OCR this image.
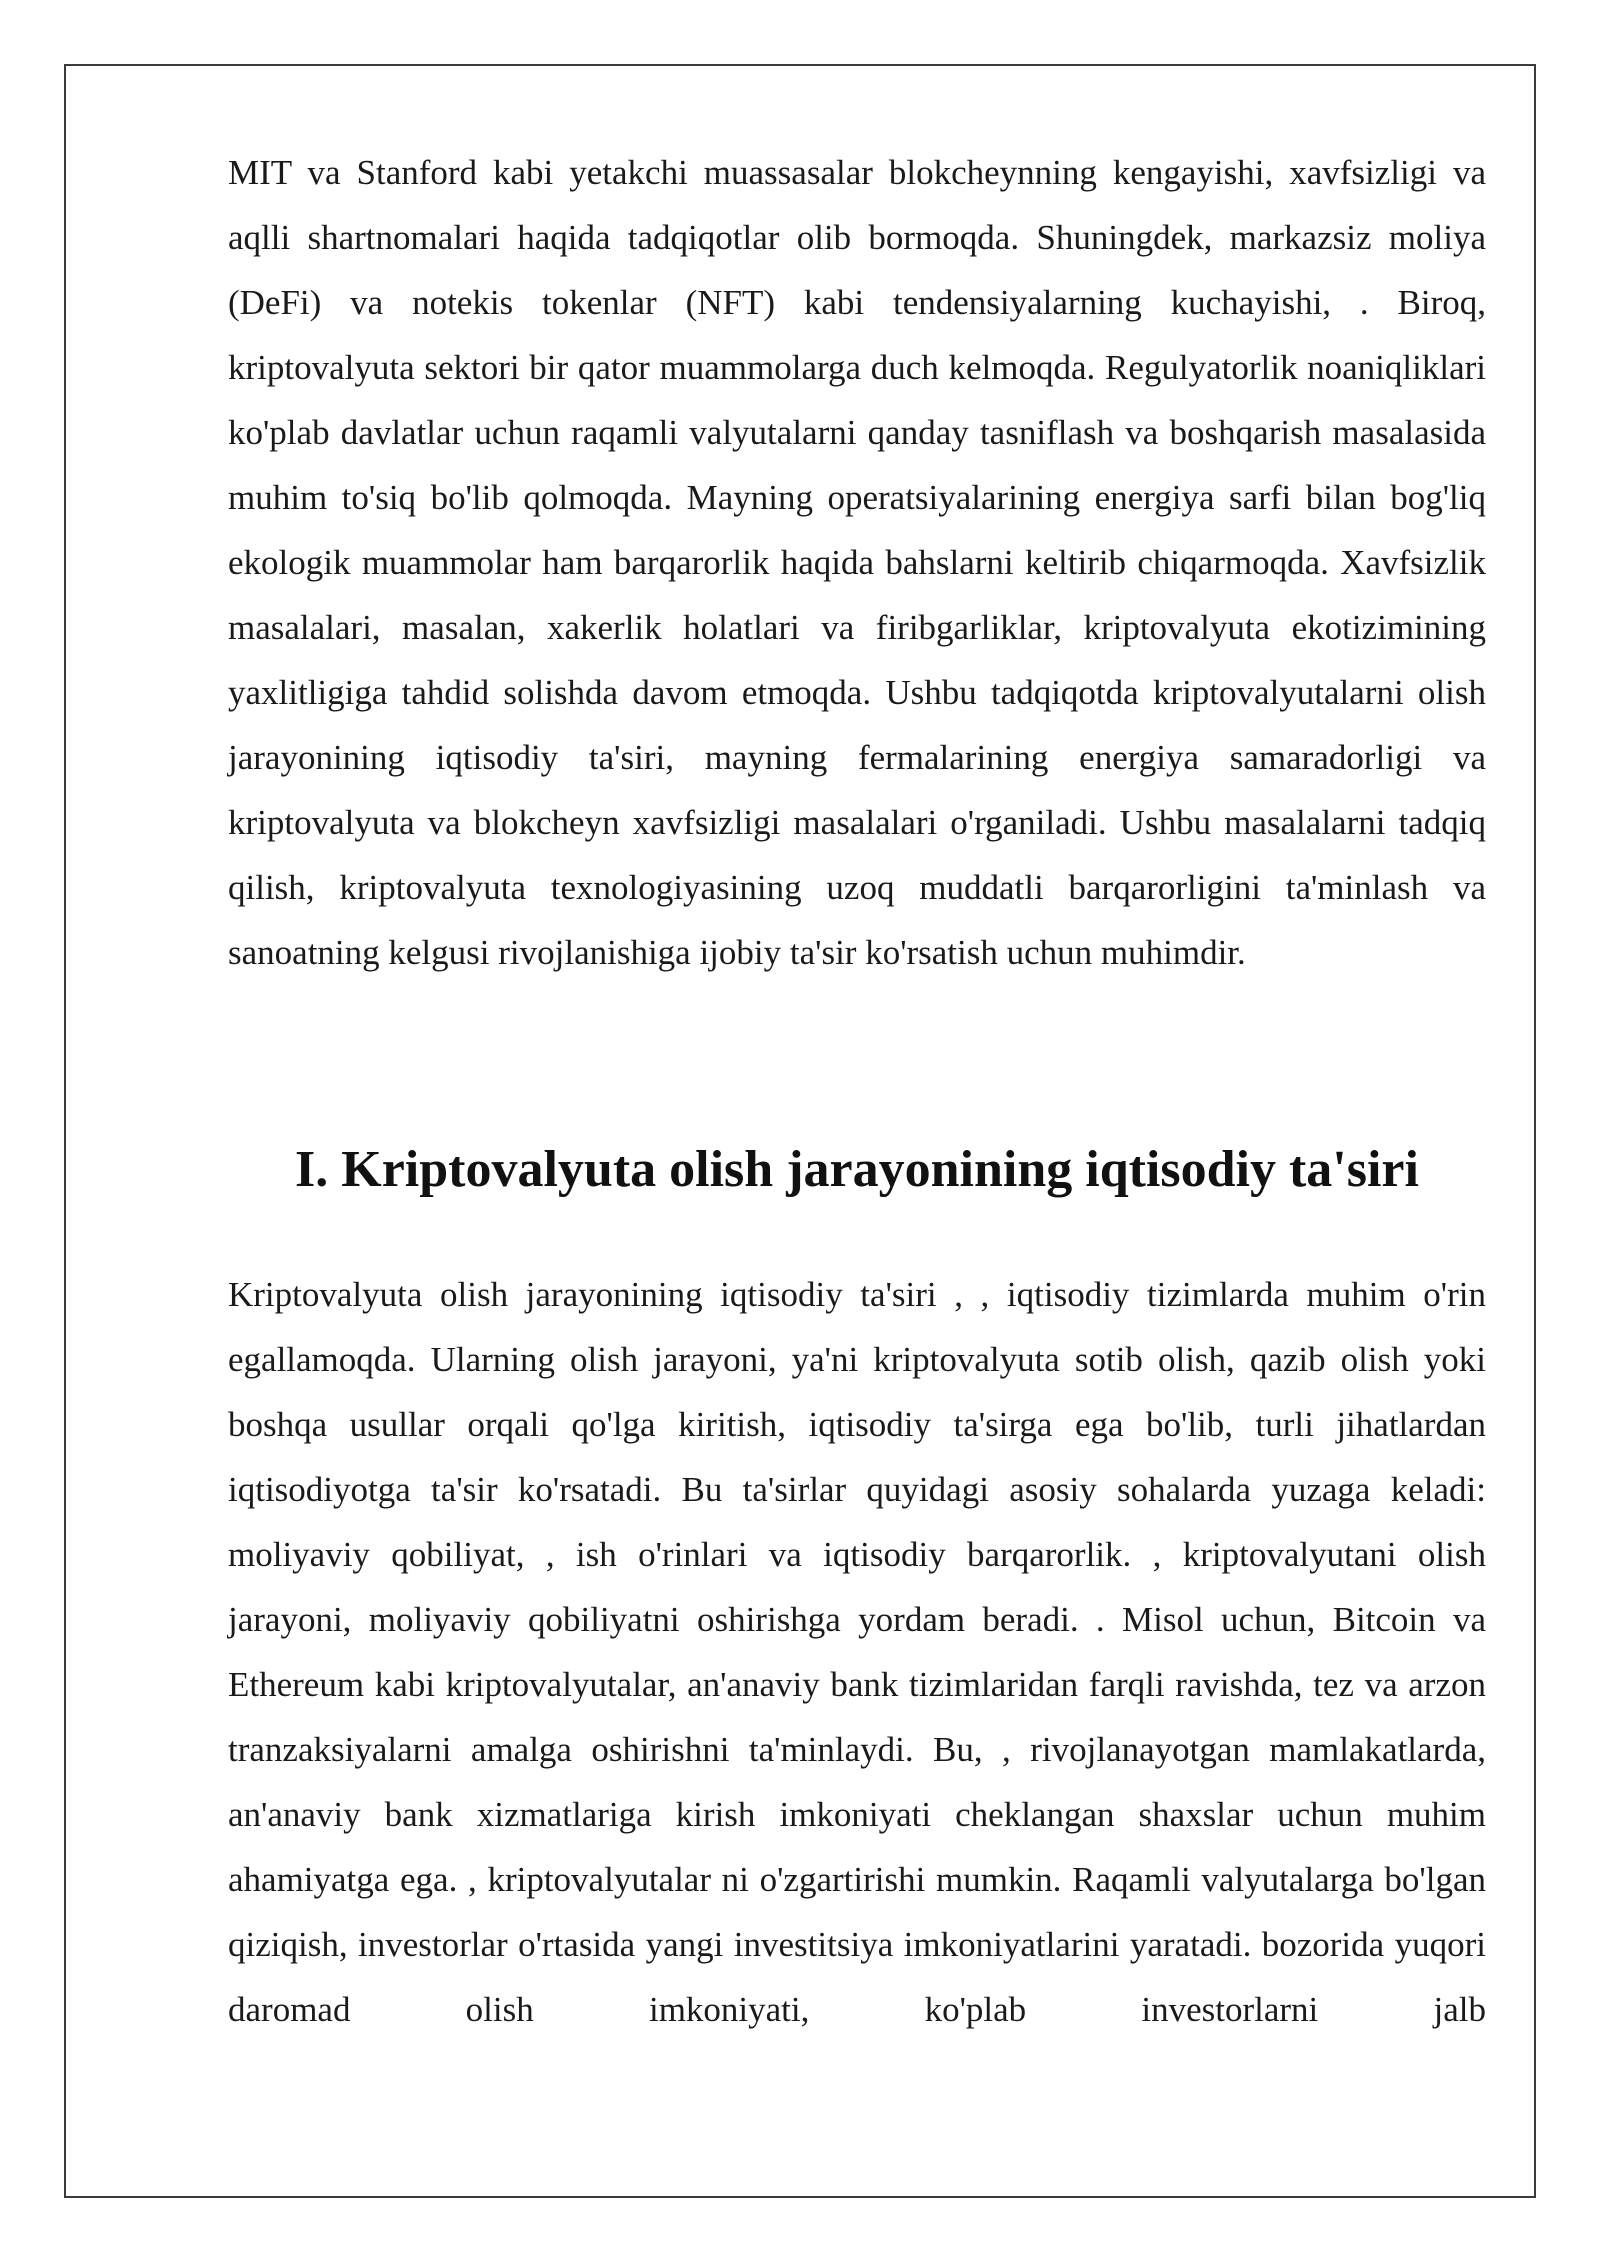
MIT va Stanford kabi yetakchi muassasalar blokcheynning kengayishi, xavfsizligi va aqlli shartnomalari haqida tadqiqotlar olib bormoqda. Shuningdek, markazsiz moliya (DeFi) va notekis tokenlar (NFT) kabi tendensiyalarning kuchayishi, . Biroq, kriptovalyuta sektori bir qator muammolarga duch kelmoqda. Regulyatorlik noaniqliklari ko'plab davlatlar uchun raqamli valyutalarni qanday tasniflash va boshqarish masalasida muhim to'siq bo'lib qolmoqda. Mayning operatsiyalarining energiya sarfi bilan bog'liq ekologik muammolar ham barqarorlik haqida bahslarni keltirib chiqarmoqda. Xavfsizlik masalalari, masalan, xakerlik holatlari va firibgarliklar, kriptovalyuta ekotizimining yaxlitligiga tahdid solishda davom etmoqda. Ushbu tadqiqotda kriptovalyutalarni olish jarayonining iqtisodiy ta'siri, mayning fermalarining energiya samaradorligi va kriptovalyuta va blokcheyn xavfsizligi masalalari o'rganiladi. Ushbu masalalarni tadqiq qilish, kriptovalyuta texnologiyasining uzoq muddatli barqarorligini ta'minlash va sanoatning kelgusi rivojlanishiga ijobiy ta'sir ko'rsatish uchun muhimdir.

I. Kriptovalyuta olish jarayonining iqtisodiy ta'siri

Kriptovalyuta olish jarayonining iqtisodiy ta'siri , , iqtisodiy tizimlarda muhim o'rin egallamoqda. Ularning olish jarayoni, ya'ni kriptovalyuta sotib olish, qazib olish yoki boshqa usullar orqali qo'lga kiritish, iqtisodiy ta'sirga ega bo'lib, turli jihatlardan iqtisodiyotga ta'sir ko'rsatadi. Bu ta'sirlar quyidagi asosiy sohalarda yuzaga keladi: moliyaviy qobiliyat, , ish o'rinlari va iqtisodiy barqarorlik. , kriptovalyutani olish jarayoni, moliyaviy qobiliyatni oshirishga yordam beradi. . Misol uchun, Bitcoin va Ethereum kabi kriptovalyutalar, an'anaviy bank tizimlaridan farqli ravishda, tez va arzon tranzaksiyalarni amalga oshirishni ta'minlaydi. Bu, , rivojlanayotgan mamlakatlarda, an'anaviy bank xizmatlariga kirish imkoniyati cheklangan shaxslar uchun muhim ahamiyatga ega. , kriptovalyutalar ni o'zgartirishi mumkin. Raqamli valyutalarga bo'lgan qiziqish, investorlar o'rtasida yangi investitsiya imkoniyatlarini yaratadi. bozorida yuqori daromad olish imkoniyati, ko'plab investorlarni jalb
